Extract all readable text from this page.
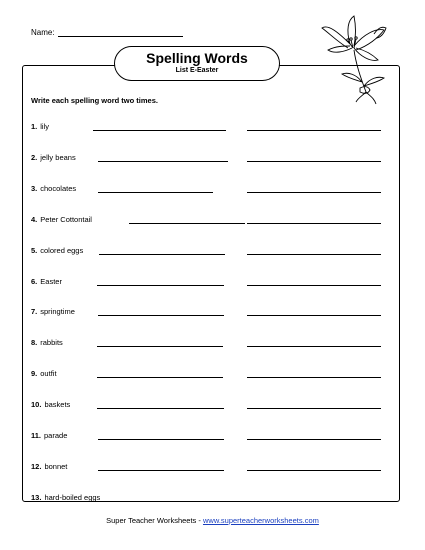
Name:
Spelling Words
List E-Easter
Write each spelling word two times.
1. lily
2. jelly beans
3. chocolates
4. Peter Cottontail
5. colored eggs
6. Easter
7. springtime
8. rabbits
9. outfit
10. baskets
11. parade
12. bonnet
13. hard-boiled eggs
Super Teacher Worksheets - www.superteacherworksheets.com
